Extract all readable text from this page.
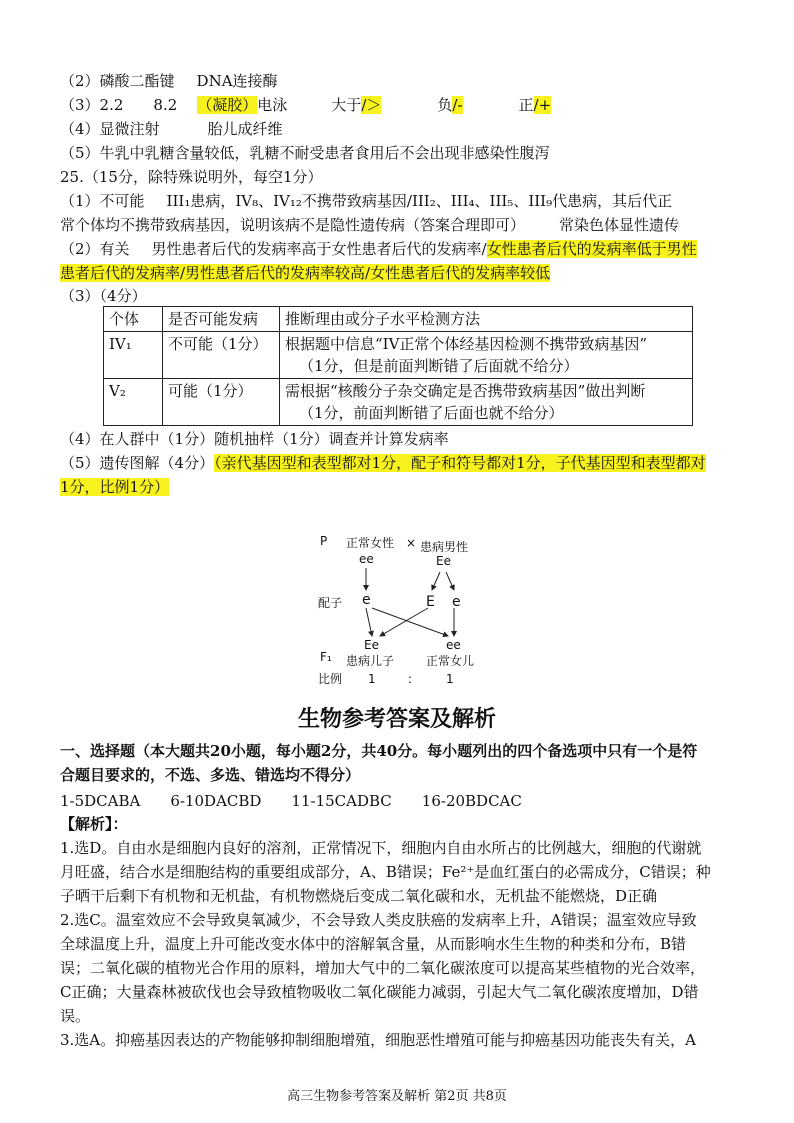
（2）磷酸二酯键 DNA连接酶
（3）2.2 8.2 （凝胶）电泳	大于/＞	负/-	正/+
（4）显微注射	胎儿成纤维
（5）牛乳中乳糖含量较低，乳糖不耐受患者食用后不会出现非感染性腹泻
25.（15分，除特殊说明外，每空1分）
（1）不可能 III₁患病，IV₈、IV₁₂不携带致病基因/III₂、III₄、III₅、III₉代患病，其后代正
常个体均不携带致病基因，说明该病不是隐性遗传病（答案合理即可） 常染色体显性遗传
（2）有关 男性患者后代的发病率高于女性患者后代的发病率/女性患者后代的发病率低于男性
患者后代的发病率/男性患者后代的发病率较高/女性患者后代的发病率较低
（3）（4分）
个体	是否可能发病	推断理由或分子水平检测方法
IV₁	不可能（1分）	根据题中信息“IV正常个体经基因检测不携带致病基因”
（1分，但是前面判断错了后面就不给分）

V₂	可能（1分）	需根据“核酸分子杂交确定是否携带致病基因”做出判断
（1分，前面判断错了后面也就不给分）
（4）在人群中（1分）随机抽样（1分）调查并计算发病率
（5）遗传图解（4分）（亲代基因型和表型都对1分，配子和符号都对1分，子代基因型和表型都对
1分，比例1分）
P 正常女性 × 患病男性
ee	Ee
配子 e	E e
F₁
Ee
患病儿子
ee
正常女儿
比例 1	:	1
生物参考答案及解析
一、选择题（本大题共20小题，每小题2分，共40分。每小题列出的四个备选项中只有一个是符
合题目要求的，不选、多选、错选均不得分）
1-5DCABA　　6-10DACBD　　11-15CADBC　　16-20BDCAC
【解析】：
1.选D。自由水是细胞内良好的溶剂，正常情况下，细胞内自由水所占的比例越大，细胞的代谢就
月旺盛，结合水是细胞结构的重要组成部分，A、B错误；Fe²⁺是血红蛋白的必需成分，C错误；种
子晒干后剩下有机物和无机盐，有机物燃烧后变成二氧化碳和水，无机盐不能燃烧，D正确
2.选C。温室效应不会导致臭氧减少，不会导致人类皮肤癌的发病率上升，A错误；温室效应导致
全球温度上升，温度上升可能改变水体中的溶解氧含量，从而影响水生生物的种类和分布，B错
误；二氧化碳的植物光合作用的原料，增加大气中的二氧化碳浓度可以提高某些植物的光合效率，
C正确；大量森林被砍伐也会导致植物吸收二氧化碳能力减弱，引起大气二氧化碳浓度增加，D错
误。
3.选A。抑癌基因表达的产物能够抑制细胞增殖，细胞恶性增殖可能与抑癌基因功能丧失有关，A
高三生物参考答案及解析 第2页 共8页
